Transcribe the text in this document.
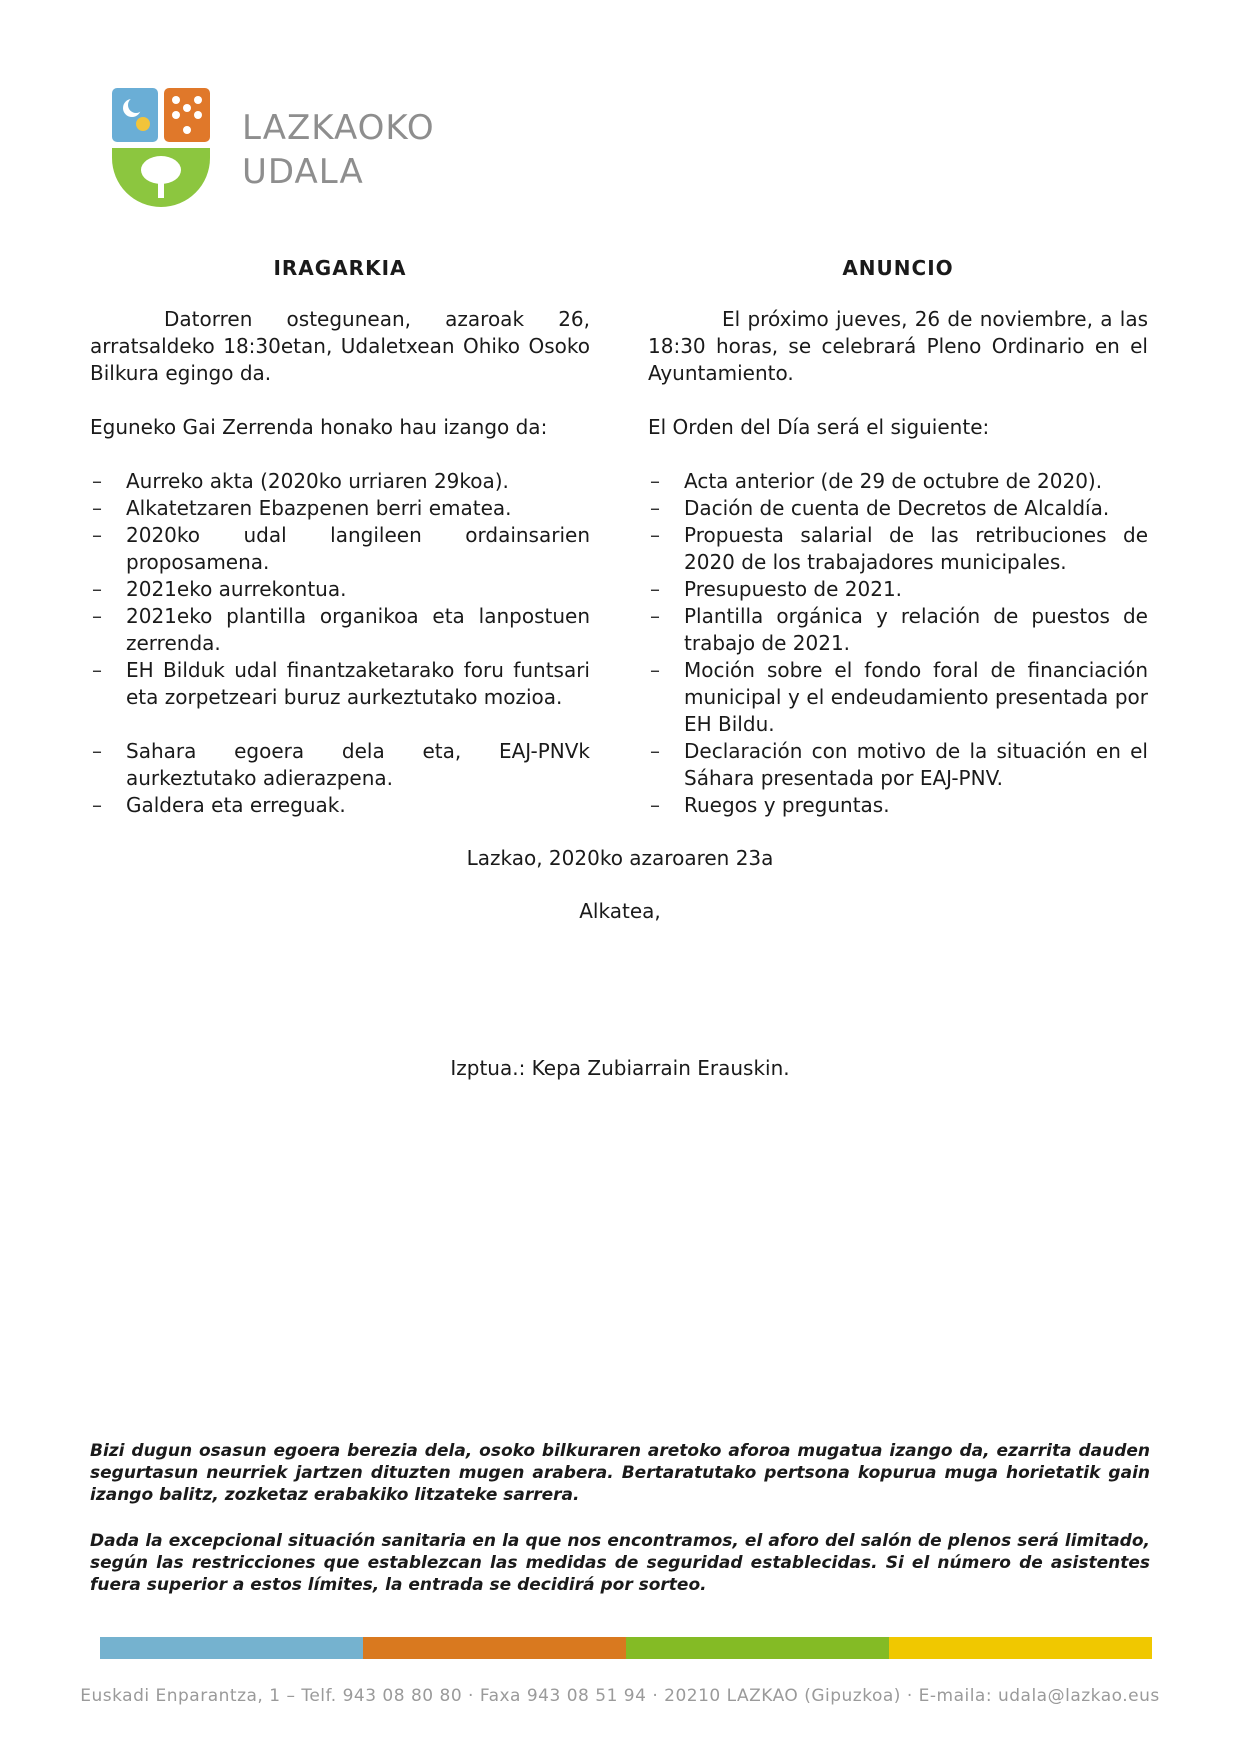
LAZKAOKO
UDALA

IRAGARKIA

Datorren ostegunean, azaroak 26, arratsaldeko 18:30etan, Udaletxean Ohiko Osoko Bilkura egingo da.

Eguneko Gai Zerrenda honako hau izango da:

– Aurreko akta (2020ko urriaren 29koa).
– Alkatetzaren Ebazpenen berri ematea.
– 2020ko udal langileen ordainsarien proposamena.
– 2021eko aurrekontua.
– 2021eko plantilla organikoa eta lanpostuen zerrenda.
– EH Bilduk udal finantzaketarako foru funtsari eta zorpetzeari buruz aurkeztutako mozioa.
– Sahara egoera dela eta, EAJ-PNVk aurkeztutako adierazpena.
– Galdera eta erreguak.

ANUNCIO

El próximo jueves, 26 de noviembre, a las 18:30 horas, se celebrará Pleno Ordinario en el Ayuntamiento.

El Orden del Día será el siguiente:

– Acta anterior (de 29 de octubre de 2020).
– Dación de cuenta de Decretos de Alcaldía.
– Propuesta salarial de las retribuciones de 2020 de los trabajadores municipales.
– Presupuesto de 2021.
– Plantilla orgánica y relación de puestos de trabajo de 2021.
– Moción sobre el fondo foral de financiación municipal y el endeudamiento presentada por EH Bildu.
– Declaración con motivo de la situación en el Sáhara presentada por EAJ-PNV.
– Ruegos y preguntas.
Lazkao, 2020ko azaroaren 23a
Alkatea,
Izptua.: Kepa Zubiarrain Erauskin.

Bizi dugun osasun egoera berezia dela, osoko bilkuraren aretoko aforoa mugatua izango da, ezarrita dauden segurtasun neurriek jartzen dituzten mugen arabera. Bertaratutako pertsona kopurua muga horietatik gain izango balitz, zozketaz erabakiko litzateke sarrera.

Dada la excepcional situación sanitaria en la que nos encontramos, el aforo del salón de plenos será limitado, según las restricciones que establezcan las medidas de seguridad establecidas. Si el número de asistentes fuera superior a estos límites, la entrada se decidirá por sorteo.

Euskadi Enparantza, 1 – Telf. 943 08 80 80 · Faxa 943 08 51 94 · 20210 LAZKAO (Gipuzkoa) · E-maila: udala@lazkao.eus
